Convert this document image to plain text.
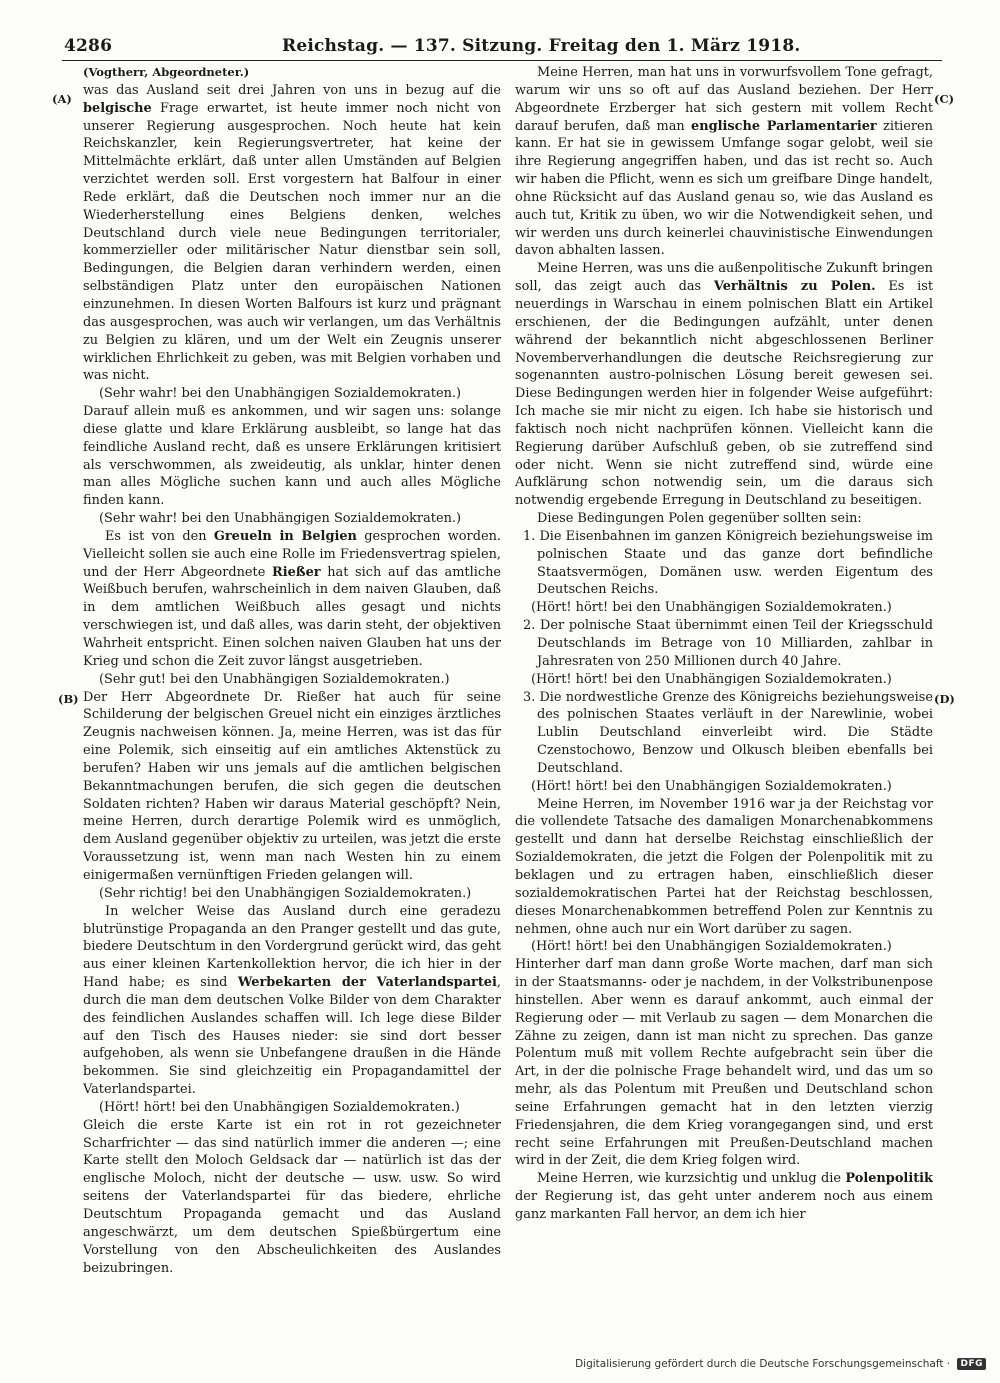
4286	Reichstag. — 137. Sitzung. Freitag den 1. März 1918.
(A)
(B)
(C)
(D)

(Vogtherr, Abgeordneter.)

was das Ausland seit drei Jahren von uns in bezug auf die belgische Frage erwartet, ist heute immer noch nicht von unserer Regierung ausgesprochen. Noch heute hat kein Reichskanzler, kein Regierungsvertreter, hat keine der Mittelmächte erklärt, daß unter allen Umständen auf Belgien verzichtet werden soll. Erst vorgestern hat Balfour in einer Rede erklärt, daß die Deutschen noch immer nur an die Wiederherstellung eines Belgiens denken, welches Deutschland durch viele neue Bedingungen territorialer, kommerzieller oder militärischer Natur dienstbar sein soll, Bedingungen, die Belgien daran verhindern werden, einen selbständigen Platz unter den europäischen Nationen einzunehmen. In diesen Worten Balfours ist kurz und prägnant das ausgesprochen, was auch wir verlangen, um das Verhältnis zu Belgien zu klären, und um der Welt ein Zeugnis unserer wirklichen Ehrlichkeit zu geben, was mit Belgien vorhaben und was nicht.

(Sehr wahr! bei den Unabhängigen Sozialdemokraten.)

Darauf allein muß es ankommen, und wir sagen uns: solange diese glatte und klare Erklärung ausbleibt, so lange hat das feindliche Ausland recht, daß es unsere Erklärungen kritisiert als verschwommen, als zweideutig, als unklar, hinter denen man alles Mögliche suchen kann und auch alles Mögliche finden kann.

(Sehr wahr! bei den Unabhängigen Sozialdemokraten.)

Es ist von den Greueln in Belgien gesprochen worden. Vielleicht sollen sie auch eine Rolle im Friedensvertrag spielen, und der Herr Abgeordnete Rießer hat sich auf das amtliche Weißbuch berufen, wahrscheinlich in dem naiven Glauben, daß in dem amtlichen Weißbuch alles gesagt und nichts verschwiegen ist, und daß alles, was darin steht, der objektiven Wahrheit entspricht. Einen solchen naiven Glauben hat uns der Krieg und schon die Zeit zuvor längst ausgetrieben.

(Sehr gut! bei den Unabhängigen Sozialdemokraten.)

Der Herr Abgeordnete Dr. Rießer hat auch für seine Schilderung der belgischen Greuel nicht ein einziges ärztliches Zeugnis nachweisen können. Ja, meine Herren, was ist das für eine Polemik, sich einseitig auf ein amtliches Aktenstück zu berufen? Haben wir uns jemals auf die amtlichen belgischen Bekanntmachungen berufen, die sich gegen die deutschen Soldaten richten? Haben wir daraus Material geschöpft? Nein, meine Herren, durch derartige Polemik wird es unmöglich, dem Ausland gegenüber objektiv zu urteilen, was jetzt die erste Voraussetzung ist, wenn man nach Westen hin zu einem einigermaßen vernünftigen Frieden gelangen will.

(Sehr richtig! bei den Unabhängigen Sozialdemokraten.)

In welcher Weise das Ausland durch eine geradezu blutrünstige Propaganda an den Pranger gestellt und das gute, biedere Deutschtum in den Vordergrund gerückt wird, das geht aus einer kleinen Kartenkollektion hervor, die ich hier in der Hand habe; es sind Werbekarten der Vaterlandspartei, durch die man dem deutschen Volke Bilder von dem Charakter des feindlichen Auslandes schaffen will. Ich lege diese Bilder auf den Tisch des Hauses nieder: sie sind dort besser aufgehoben, als wenn sie Unbefangene draußen in die Hände bekommen. Sie sind gleichzeitig ein Propagandamittel der Vaterlandspartei.

(Hört! hört! bei den Unabhängigen Sozialdemokraten.)

Gleich die erste Karte ist ein rot in rot gezeichneter Scharfrichter — das sind natürlich immer die anderen —; eine Karte stellt den Moloch Geldsack dar — natürlich ist das der englische Moloch, nicht der deutsche — usw. usw. So wird seitens der Vaterlandspartei für das biedere, ehrliche Deutschtum Propaganda gemacht und das Ausland angeschwärzt, um dem deutschen Spießbürgertum eine Vorstellung von den Abscheulichkeiten des Auslandes beizubringen.

Meine Herren, man hat uns in vorwurfsvollem Tone gefragt, warum wir uns so oft auf das Ausland beziehen. Der Herr Abgeordnete Erzberger hat sich gestern mit vollem Recht darauf berufen, daß man englische Parlamentarier zitieren kann. Er hat sie in gewissem Umfange sogar gelobt, weil sie ihre Regierung angegriffen haben, und das ist recht so. Auch wir haben die Pflicht, wenn es sich um greifbare Dinge handelt, ohne Rücksicht auf das Ausland genau so, wie das Ausland es auch tut, Kritik zu üben, wo wir die Notwendigkeit sehen, und wir werden uns durch keinerlei chauvinistische Einwendungen davon abhalten lassen.

Meine Herren, was uns die außenpolitische Zukunft bringen soll, das zeigt auch das Verhältnis zu Polen. Es ist neuerdings in Warschau in einem polnischen Blatt ein Artikel erschienen, der die Bedingungen aufzählt, unter denen während der bekanntlich nicht abgeschlossenen Berliner Novemberverhandlungen die deutsche Reichsregierung zur sogenannten austro-polnischen Lösung bereit gewesen sei. Diese Bedingungen werden hier in folgender Weise aufgeführt: Ich mache sie mir nicht zu eigen. Ich habe sie historisch und faktisch noch nicht nachprüfen können. Vielleicht kann die Regierung darüber Aufschluß geben, ob sie zutreffend sind oder nicht. Wenn sie nicht zutreffend sind, würde eine Aufklärung schon notwendig sein, um die daraus sich notwendig ergebende Erregung in Deutschland zu beseitigen.

Diese Bedingungen Polen gegenüber sollten sein:

1. Die Eisenbahnen im ganzen Königreich beziehungsweise im polnischen Staate und das ganze dort befindliche Staatsvermögen, Domänen usw. werden Eigentum des Deutschen Reichs.

(Hört! hört! bei den Unabhängigen Sozialdemokraten.)

2. Der polnische Staat übernimmt einen Teil der Kriegsschuld Deutschlands im Betrage von 10 Milliarden, zahlbar in Jahresraten von 250 Millionen durch 40 Jahre.

(Hört! hört! bei den Unabhängigen Sozialdemokraten.)

3. Die nordwestliche Grenze des Königreichs beziehungsweise des polnischen Staates verläuft in der Narewlinie, wobei Lublin Deutschland einverleibt wird. Die Städte Czenstochowo, Benzow und Olkusch bleiben ebenfalls bei Deutschland.

(Hört! hört! bei den Unabhängigen Sozialdemokraten.)

Meine Herren, im November 1916 war ja der Reichstag vor die vollendete Tatsache des damaligen Monarchenabkommens gestellt und dann hat derselbe Reichstag einschließlich der Sozialdemokraten, die jetzt die Folgen der Polenpolitik mit zu beklagen und zu ertragen haben, einschließlich dieser sozialdemokratischen Partei hat der Reichstag beschlossen, dieses Monarchenabkommen betreffend Polen zur Kenntnis zu nehmen, ohne auch nur ein Wort darüber zu sagen.

(Hört! hört! bei den Unabhängigen Sozialdemokraten.)

Hinterher darf man dann große Worte machen, darf man sich in der Staatsmanns- oder je nachdem, in der Volkstribunenpose hinstellen. Aber wenn es darauf ankommt, auch einmal der Regierung oder — mit Verlaub zu sagen — dem Monarchen die Zähne zu zeigen, dann ist man nicht zu sprechen. Das ganze Polentum muß mit vollem Rechte aufgebracht sein über die Art, in der die polnische Frage behandelt wird, und das um so mehr, als das Polentum mit Preußen und Deutschland schon seine Erfahrungen gemacht hat in den letzten vierzig Friedensjahren, die dem Krieg vorangegangen sind, und erst recht seine Erfahrungen mit Preußen-Deutschland machen wird in der Zeit, die dem Krieg folgen wird.

Meine Herren, wie kurzsichtig und unklug die Polenpolitik der Regierung ist, das geht unter anderem noch aus einem ganz markanten Fall hervor, an dem ich hier

Digitalisierung gefördert durch die Deutsche Forschungsgemeinschaft · DFG
